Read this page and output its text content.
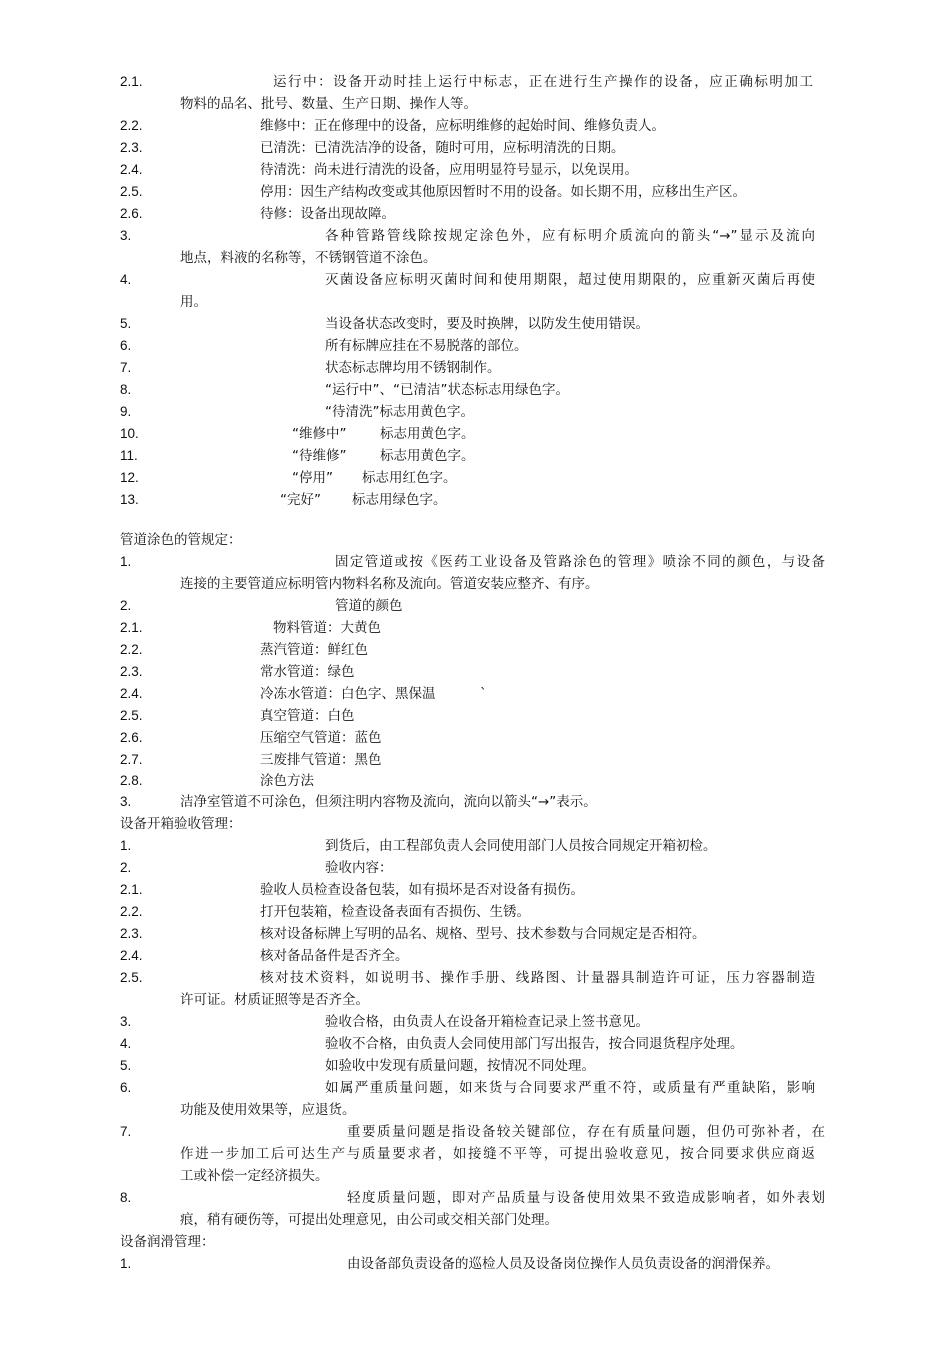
2.1.	运行中：设备开动时挂上运行中标志，正在进行生产操作的设备，应正确标明加工
物料的品名、批号、数量、生产日期、操作人等。
2.2.	维修中：正在修理中的设备，应标明维修的起始时间、维修负责人。
2.3.	已清洗：已清洗洁净的设备，随时可用，应标明清洗的日期。
2.4.	待清洗：尚未进行清洗的设备，应用明显符号显示，以免误用。
2.5.	停用：因生产结构改变或其他原因暂时不用的设备。如长期不用，应移出生产区。
2.6.	待修：设备出现故障。
3.	各种管路管线除按规定涂色外，应有标明介质流向的箭头“→”显示及流向
地点，料液的名称等，不锈钢管道不涂色。
4.	灭菌设备应标明灭菌时间和使用期限，超过使用期限的，应重新灭菌后再使
用。
5.	当设备状态改变时，要及时换牌，以防发生使用错误。
6.	所有标牌应挂在不易脱落的部位。
7.	状态标志牌均用不锈钢制作。
8.	“运行中”、“已清洁”状态标志用绿色字。
9.	“待清洗”标志用黄色字。
10.	“维修中” 标志用黄色字。
11.	“待维修” 标志用黄色字。
12.	“停用” 标志用红色字。
13.	“完好” 标志用绿色字。
管道涂色的管规定：
1.	固定管道或按《医药工业设备及管路涂色的管理》喷涂不同的颜色，与设备
连接的主要管道应标明管内物料名称及流向。管道安装应整齐、有序。
2.	管道的颜色
2.1.	物料管道：大黄色
2.2.	蒸汽管道：鲜红色
2.3.	常水管道：绿色
2.4.	冷冻水管道：白色字、黑保温	`
2.5.	真空管道：白色
2.6.	压缩空气管道：蓝色
2.7.	三废排气管道：黑色
2.8.	涂色方法
3.	洁净室管道不可涂色，但须注明内容物及流向，流向以箭头“→”表示。
设备开箱验收管理：
1.	到货后，由工程部负责人会同使用部门人员按合同规定开箱初检。
2.	验收内容：
2.1.	验收人员检查设备包装，如有损坏是否对设备有损伤。
2.2.	打开包装箱，检查设备表面有否损伤、生锈。
2.3.	核对设备标牌上写明的品名、规格、型号、技术参数与合同规定是否相符。
2.4.	核对备品备件是否齐全。
2.5.	核对技术资料，如说明书、操作手册、线路图、计量器具制造许可证，压力容器制造
许可证。材质证照等是否齐全。
3.	验收合格，由负责人在设备开箱检查记录上签书意见。
4.	验收不合格，由负责人会同使用部门写出报告，按合同退货程序处理。
5.	如验收中发现有质量问题，按情况不同处理。
6.	如属严重质量问题，如来货与合同要求严重不符，或质量有严重缺陷，影响
功能及使用效果等，应退货。
7.	重要质量问题是指设备较关键部位，存在有质量问题，但仍可弥补者，在
作进一步加工后可达生产与质量要求者，如接缝不平等，可提出验收意见，按合同要求供应商返
工或补偿一定经济损失。
8.	轻度质量问题，即对产品质量与设备使用效果不致造成影响者，如外表划
痕，稍有硬伤等，可提出处理意见，由公司或交相关部门处理。
设备润滑管理：
1.	由设备部负责设备的巡检人员及设备岗位操作人员负责设备的润滑保养。
